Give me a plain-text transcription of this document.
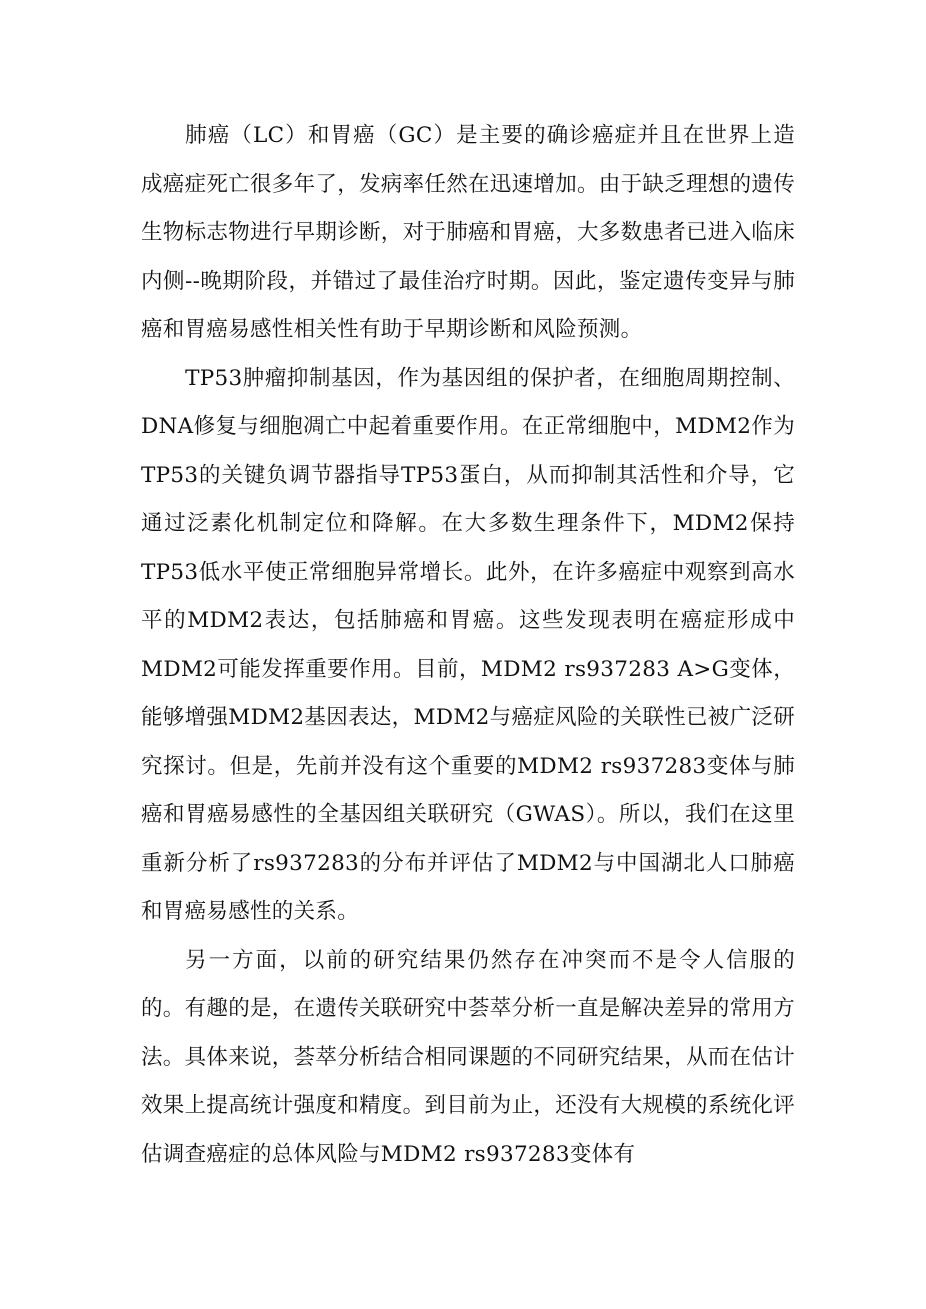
肺癌（LC）和胃癌（GC）是主要的确诊癌症并且在世界上造成癌症死亡很多年了，发病率任然在迅速增加。由于缺乏理想的遗传生物标志物进行早期诊断，对于肺癌和胃癌，大多数患者已进入临床内侧--晚期阶段，并错过了最佳治疗时期。因此，鉴定遗传变异与肺癌和胃癌易感性相关性有助于早期诊断和风险预测。

TP53肿瘤抑制基因，作为基因组的保护者，在细胞周期控制、DNA修复与细胞凋亡中起着重要作用。在正常细胞中，MDM2作为TP53的关键负调节器指导TP53蛋白，从而抑制其活性和介导，它通过泛素化机制定位和降解。在大多数生理条件下，MDM2保持TP53低水平使正常细胞异常增长。此外，在许多癌症中观察到高水平的MDM2表达，包括肺癌和胃癌。这些发现表明在癌症形成中MDM2可能发挥重要作用。目前，MDM2 rs937283 A>G变体，能够增强MDM2基因表达，MDM2与癌症风险的关联性已被广泛研究探讨。但是，先前并没有这个重要的MDM2 rs937283变体与肺癌和胃癌易感性的全基因组关联研究（GWAS）。所以，我们在这里重新分析了rs937283的分布并评估了MDM2与中国湖北人口肺癌和胃癌易感性的关系。

另一方面，以前的研究结果仍然存在冲突而不是令人信服的的。有趣的是，在遗传关联研究中荟萃分析一直是解决差异的常用方法。具体来说，荟萃分析结合相同课题的不同研究结果，从而在估计效果上提高统计强度和精度。到目前为止，还没有大规模的系统化评估调查癌症的总体风险与MDM2 rs937283变体有
